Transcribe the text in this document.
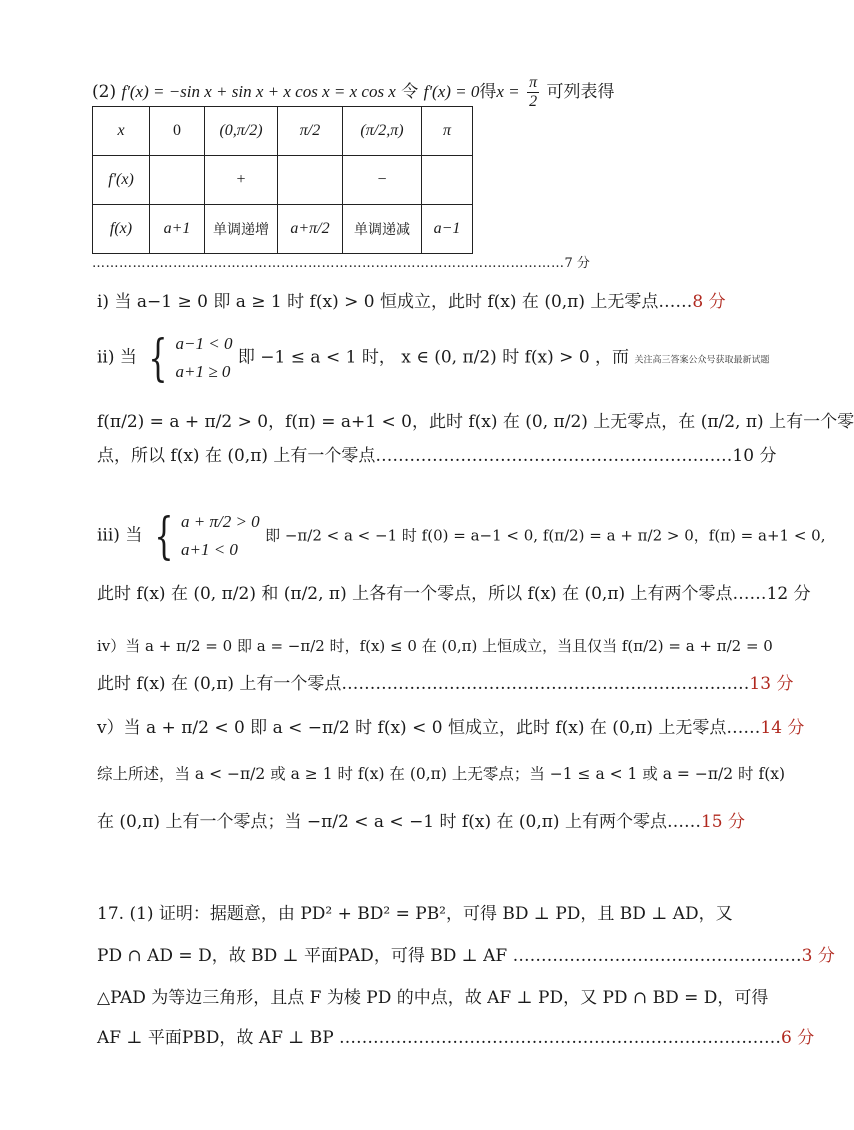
(2) f'(x) = −sin x + sin x + x cos x = x cos x 令 f'(x) = 0得$x = \frac{\pi}{2}$ 可列表得
x	0	(0,π/2)	π/2	(π/2,π)	π
f'(x)		+		−	
f(x)	a+1	单调递增	a+π/2	单调递减	a−1
……………………………………………………………………………………………7 分
i) 当 a−1 ≥ 0 即 a ≥ 1 时 f(x) > 0 恒成立，此时 f(x) 在 (0,π) 上无零点……8 分
ii) 当 { a−1 < 0
a+1 ≥ 0
即 −1 ≤ a < 1 时， x ∈ (0, π/2) 时 f(x) > 0 ，而 关注高三答案公众号获取最新试题
f(π/2) = a + π/2 > 0，f(π) = a+1 < 0，此时 f(x) 在 (0, π/2) 上无零点，在 (π/2, π) 上有一个零
点，所以 f(x) 在 (0,π) 上有一个零点………………………………………………………10 分
iii) 当 { a + π/2 > 0
a+1 < 0
即 −π/2 < a < −1 时 f(0) = a−1 < 0, f(π/2) = a + π/2 > 0，f(π) = a+1 < 0,
此时 f(x) 在 (0, π/2) 和 (π/2, π) 上各有一个零点，所以 f(x) 在 (0,π) 上有两个零点……12 分
iv）当 a + π/2 = 0 即 a = −π/2 时，f(x) ≤ 0 在 (0,π) 上恒成立，当且仅当 f(π/2) = a + π/2 = 0
此时 f(x) 在 (0,π) 上有一个零点………………………………………………………………13 分
v）当 a + π/2 < 0 即 a < −π/2 时 f(x) < 0 恒成立，此时 f(x) 在 (0,π) 上无零点……14 分
综上所述，当 a < −π/2 或 a ≥ 1 时 f(x) 在 (0,π) 上无零点；当 −1 ≤ a < 1 或 a = −π/2 时 f(x)
在 (0,π) 上有一个零点；当 −π/2 < a < −1 时 f(x) 在 (0,π) 上有两个零点……15 分
17. (1) 证明：据题意，由 PD² + BD² = PB²，可得 BD ⊥ PD，且 BD ⊥ AD，又
PD ∩ AD = D，故 BD ⊥ 平面PAD，可得 BD ⊥ AF ……………………………………………3 分
△PAD 为等边三角形，且点 F 为棱 PD 的中点，故 AF ⊥ PD，又 PD ∩ BD = D，可得
AF ⊥ 平面PBD，故 AF ⊥ BP ……………………………………………………………………6 分
